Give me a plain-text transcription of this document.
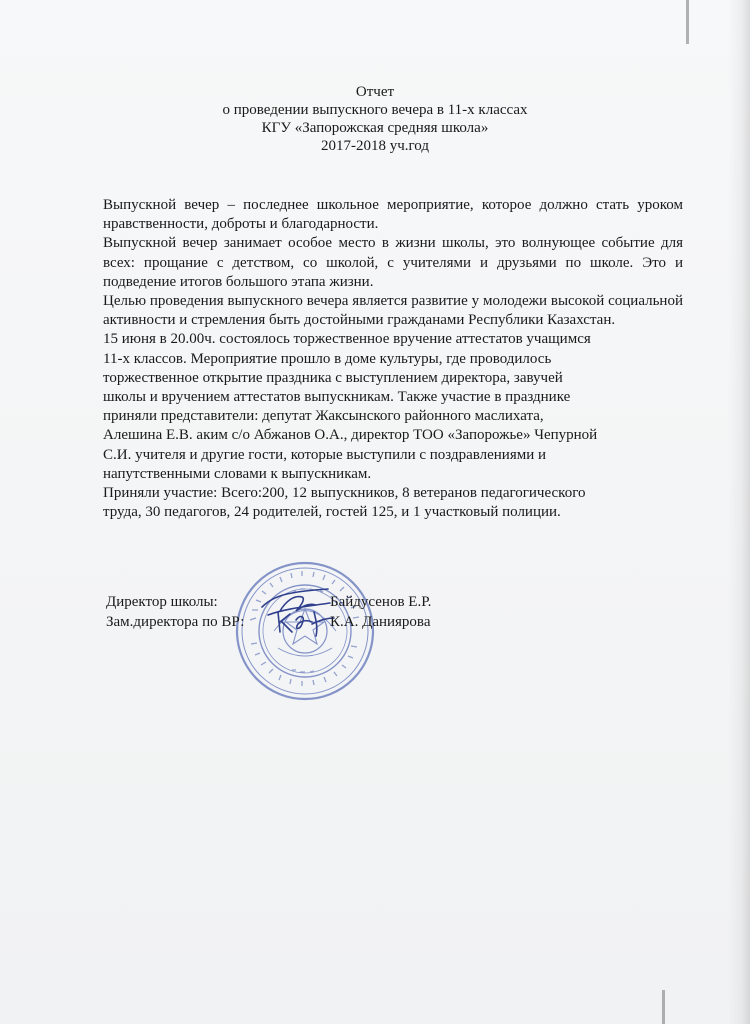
Отчет
о проведении выпускного вечера в 11-х классах
КГУ «Запорожская средняя школа»
2017-2018 уч.год

Выпускной вечер – последнее школьное мероприятие, которое должно стать уроком нравственности, доброты и благодарности.

Выпускной вечер занимает особое место в жизни школы, это волнующее событие для всех: прощание с детством, со школой, с учителями и друзьями по школе. Это и подведение итогов большого этапа жизни.

Целью проведения выпускного вечера является развитие у молодежи высокой социальной активности и стремления быть достойными гражданами Республики Казахстан.

15 июня в 20.00ч. состоялось торжественное вручение аттестатов учащимся

11-х классов. Мероприятие прошло в доме культуры, где проводилось

торжественное открытие праздника с выступлением директора, завучей

школы и вручением аттестатов выпускникам. Также участие в празднике

приняли представители: депутат Жаксынского районного маслихата,

Алешина Е.В. аким с/о Абжанов О.А., директор ТОО «Запорожье» Чепурной

С.И. учителя и другие гости, которые выступили с поздравлениями и

напутственными словами к выпускникам.

Приняли участие: Всего:200, 12 выпускников, 8 ветеранов педагогического

труда, 30 педагогов, 24 родителей, гостей 125, и 1 участковый полиции.

Директор школы:	Байдусенов Е.Р.
Зам.директора по ВР:	К.А. Даниярова
